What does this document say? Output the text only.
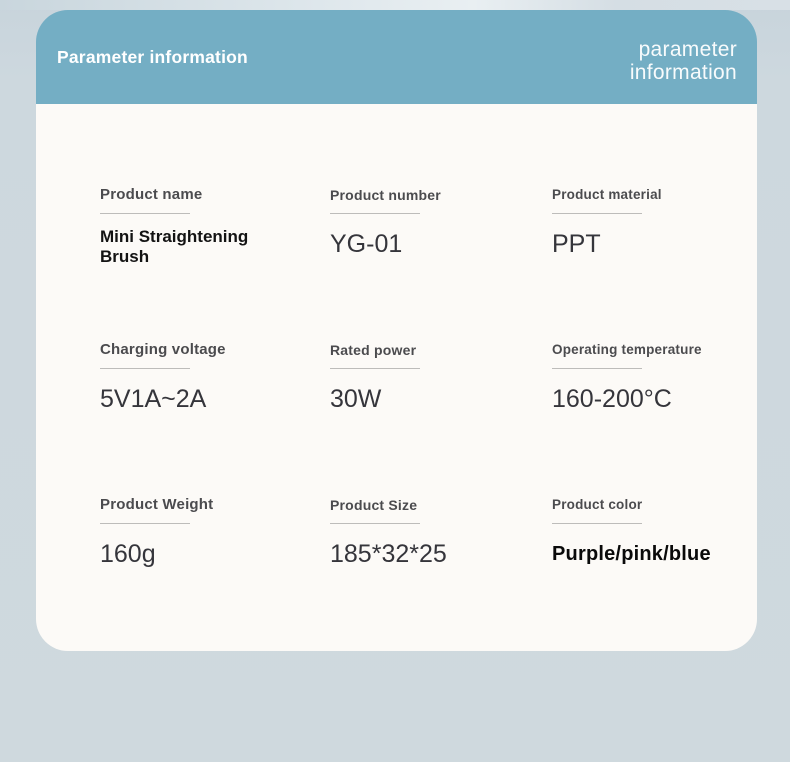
Parameter information	parameter
information
Product name
Mini Straightening Brush
Product number
YG-01
Product material
PPT
Charging voltage
5V1A~2A
Rated power
30W
Operating temperature
160-200°C
Product Weight
160g
Product Size
185*32*25
Product color
Purple/pink/blue
